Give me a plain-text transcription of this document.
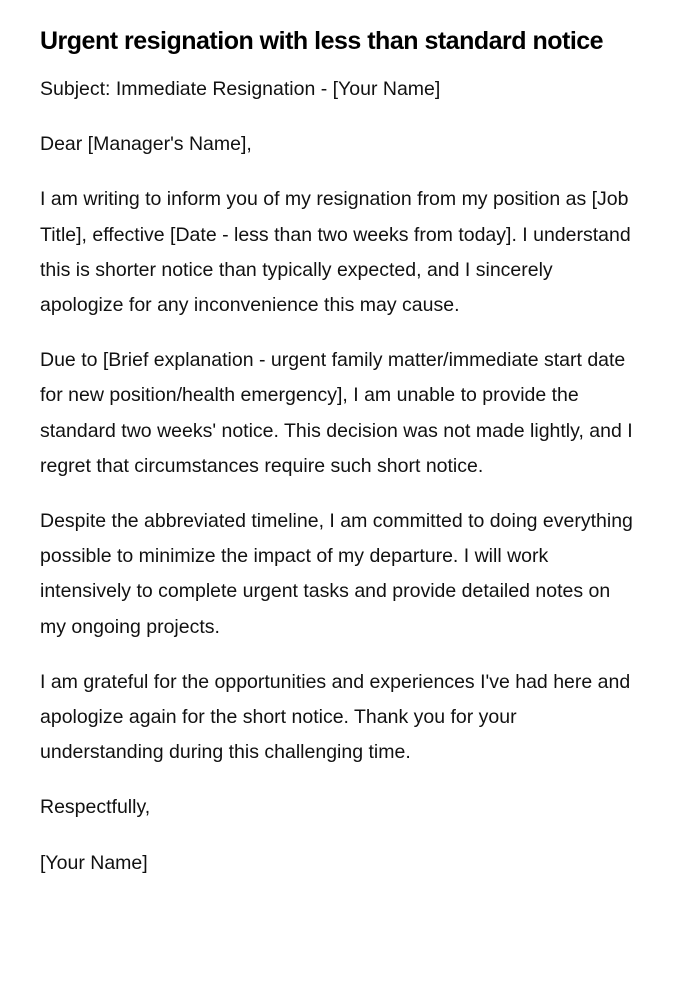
Urgent resignation with less than standard notice

Subject: Immediate Resignation - [Your Name]

Dear [Manager's Name],

I am writing to inform you of my resignation from my position as [Job Title], effective [Date - less than two weeks from today]. I understand this is shorter notice than typically expected, and I sincerely apologize for any inconvenience this may cause.

Due to [Brief explanation - urgent family matter/immediate start date for new position/health emergency], I am unable to provide the standard two weeks' notice. This decision was not made lightly, and I regret that circumstances require such short notice.

Despite the abbreviated timeline, I am committed to doing everything possible to minimize the impact of my departure. I will work intensively to complete urgent tasks and provide detailed notes on my ongoing projects.

I am grateful for the opportunities and experiences I've had here and apologize again for the short notice. Thank you for your understanding during this challenging time.

Respectfully,

[Your Name]
